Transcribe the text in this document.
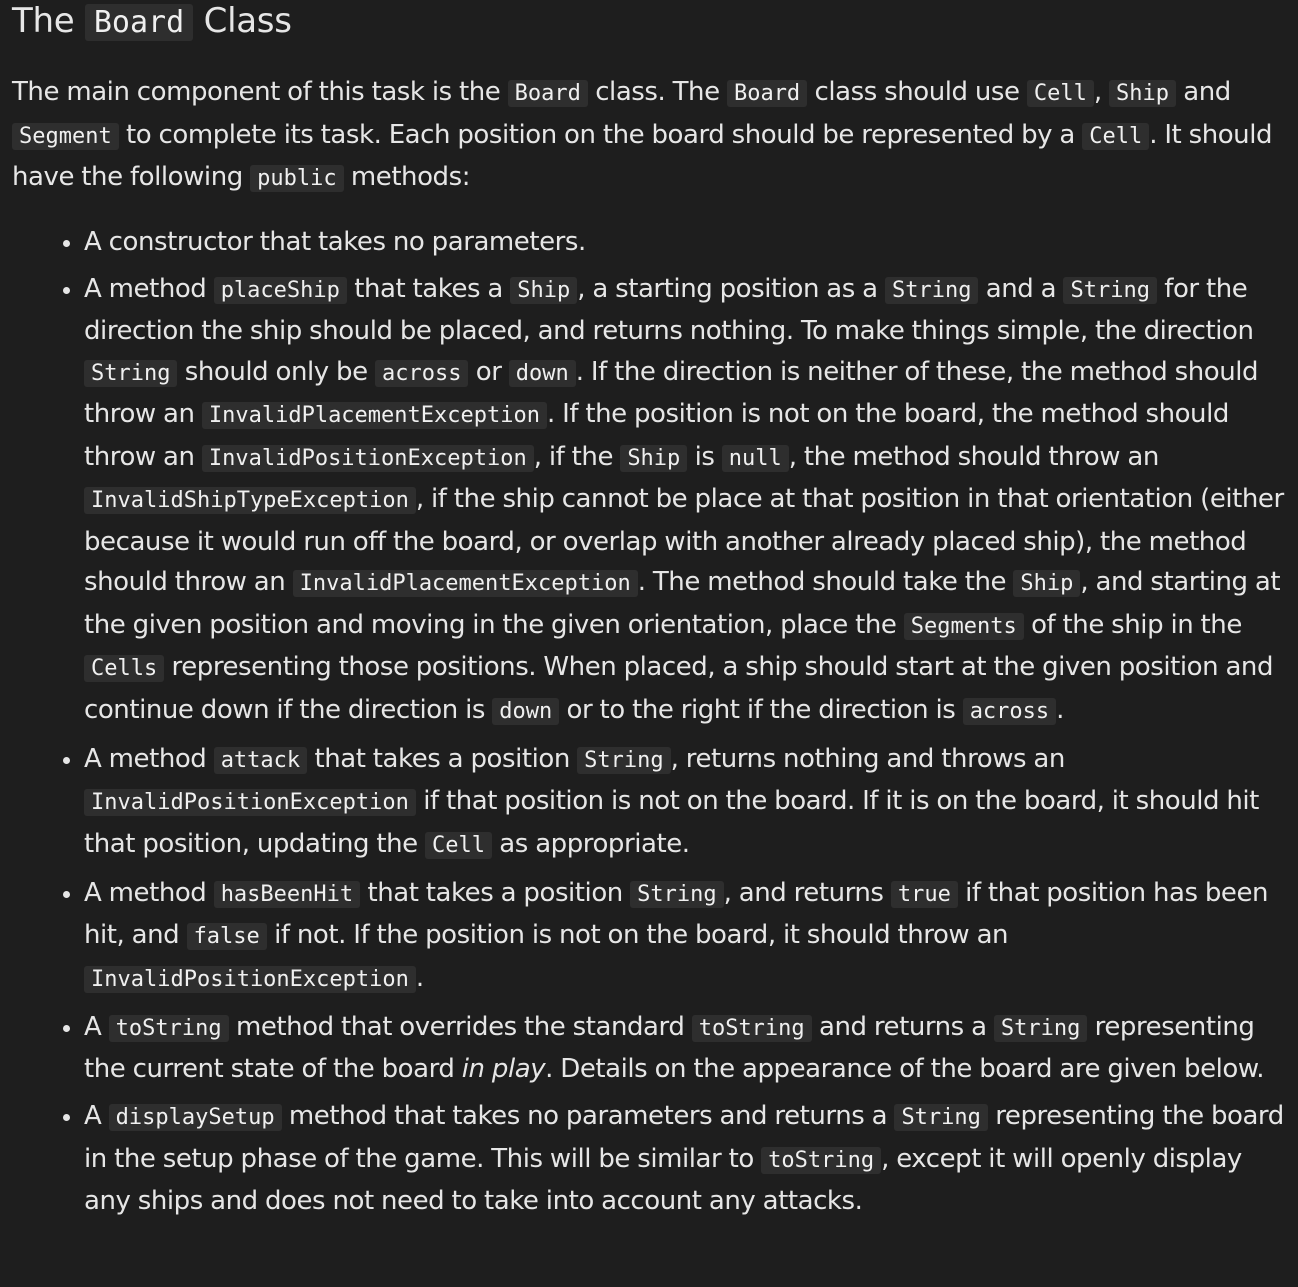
The Board Class

The main component of this task is the Board class. The Board class should use Cell , Ship and Segment to complete its task. Each position on the board should be represented by a Cell . It should have the following public methods:

• A constructor that takes no parameters.
• A method placeShip that takes a Ship , a starting position as a String and a String for the direction the ship should be placed, and returns nothing. To make things simple, the direction String should only be across or down . If the direction is neither of these, the method should throw an InvalidPlacementException . If the position is not on the board, the method should throw an InvalidPositionException , if the Ship is null , the method should throw an InvalidShipTypeException , if the ship cannot be place at that position in that orientation (either because it would run off the board, or overlap with another already placed ship), the method should throw an InvalidPlacementException . The method should take the Ship , and starting at the given position and moving in the given orientation, place the Segments of the ship in the Cells representing those positions. When placed, a ship should start at the given position and continue down if the direction is down or to the right if the direction is across .
• A method attack that takes a position String , returns nothing and throws an InvalidPositionException if that position is not on the board. If it is on the board, it should hit that position, updating the Cell as appropriate.
• A method hasBeenHit that takes a position String , and returns true if that position has been hit, and false if not. If the position is not on the board, it should throw an InvalidPositionException .
• A toString method that overrides the standard toString and returns a String representing the current state of the board in play. Details on the appearance of the board are given below.
• A displaySetup method that takes no parameters and returns a String representing the board in the setup phase of the game. This will be similar to toString , except it will openly display any ships and does not need to take into account any attacks.
